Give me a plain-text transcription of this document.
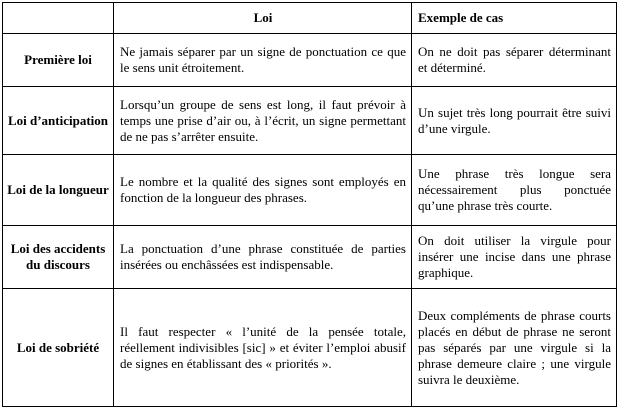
	Loi	Exemple de cas
Première loi	Ne jamais séparer par un signe de ponctuation ce que le sens unit étroitement.	On ne doit pas séparer déterminant et déterminé.
Loi d’anticipation	Lorsqu’un groupe de sens est long, il faut prévoir à temps une prise d’air ou, à l’écrit, un signe permettant de ne pas s’arrêter ensuite.	Un sujet très long pourrait être suivi d’une virgule.
Loi de la longueur	Le nombre et la qualité des signes sont employés en fonction de la longueur des phrases.	Une phrase très longue sera nécessairement plus ponctuée qu’une phrase très courte.
Loi des accidents du discours	La ponctuation d’une phrase constituée de parties insérées ou enchâssées est indispensable.	On doit utiliser la virgule pour insérer une incise dans une phrase graphique.
Loi de sobriété	Il faut respecter « l’unité de la pensée totale, réellement indivisibles [sic] » et éviter l’emploi abusif de signes en établissant des « priorités ».	Deux compléments de phrase courts placés en début de phrase ne seront pas séparés par une virgule si la phrase demeure claire ; une virgule suivra le deuxième.
